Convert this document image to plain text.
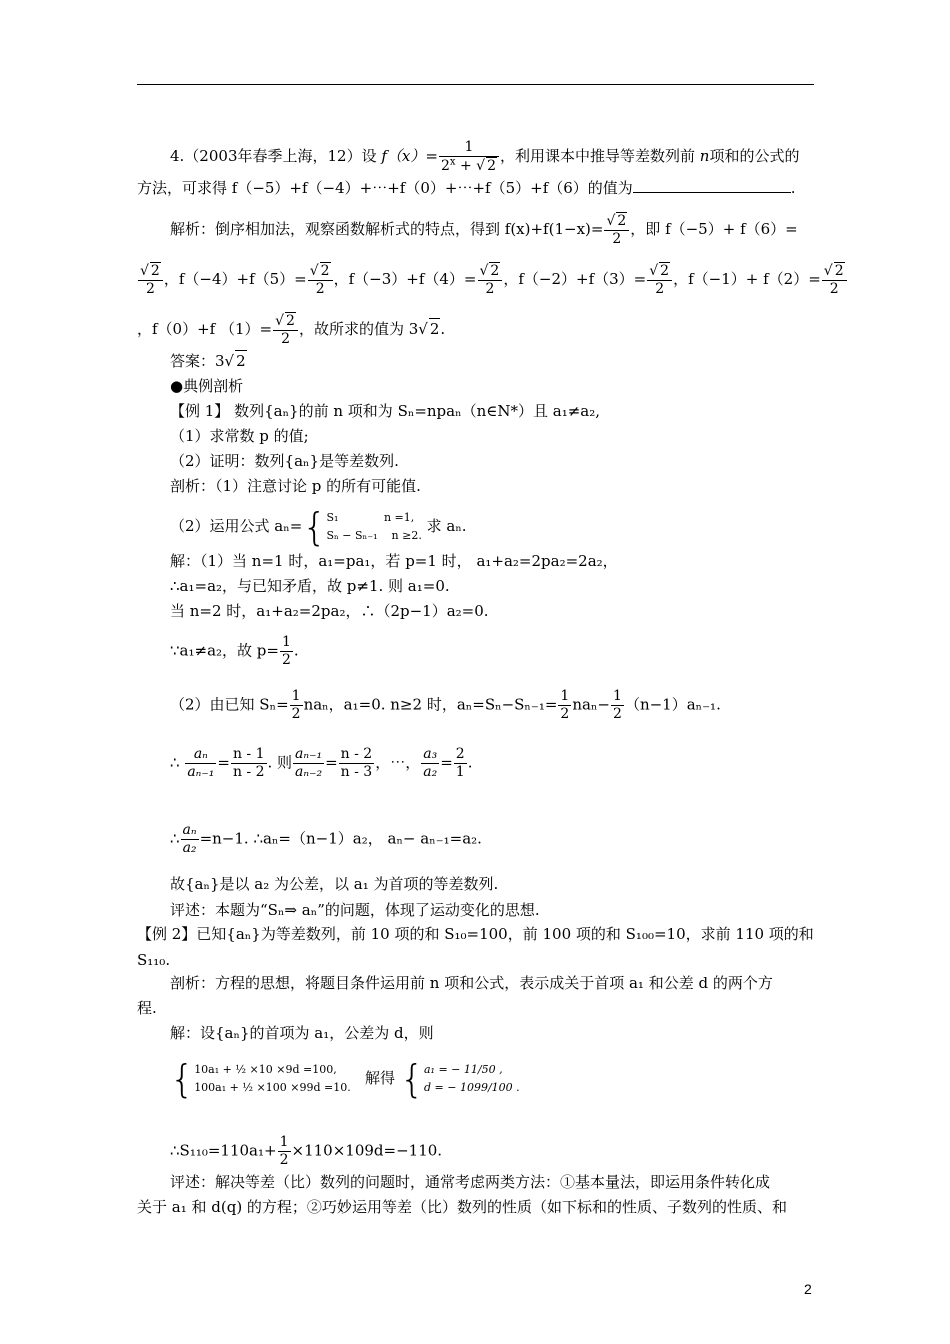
4.（2003年春季上海，12）设 $f(x)= \frac{1}{2^x + √ 2}$ ，利用课本中推导等差数列前 n项和的公式的
方法，可求得 f（−5）+f（−4）+⋯+f（0）+⋯+f（5）+f（6）的值为	.
解析：倒序相加法，观察函数解析式的特点，得到 $f(x)+f(1-x)= \frac{√ 2}{2}$ ，即 f（−5）+ f（6）=
$\frac{√ 2}{2}$ ，$f(-4)+f(5)= \frac{√ 2}{2}$ ，$f(-3)+f(4)= \frac{√ 2}{2}$ ，$f(-2)+f(3)= \frac{√ 2}{2}$ ，$f(-1)+ f(2)= \frac{√ 2}{2}$
，f（0）+f $(1)= \frac{√ 2}{2}$ ，故所求的值为 3√ 2.
答案：3√ 2
●典例剖析
【例 1】 数列{aₙ}的前 n 项和为 Sₙ=npaₙ（n∈N*）且 a₁≠a₂,
（1）求常数 p 的值;
（2）证明：数列{aₙ}是等差数列.
剖析：（1）注意讨论 p 的所有可能值.
（2）运用公式 aₙ={S₁	n =1,
Sₙ − Sₙ₋₁ n ≥2. 求 aₙ.
解：（1）当 n=1 时，a₁=pa₁，若 p=1 时， a₁+a₂=2pa₂=2a₂，
∴a₁=a₂，与已知矛盾，故 p≠1. 则 a₁=0.
当 n=2 时，a₁+a₂=2pa₂，∴（2p−1）a₂=0.
∵a₁≠a₂，故 $p= \frac{1}{2}$ .
（2）由已知 $S_n= \frac{1}{2}$ naₙ，a₁=0. n≥2 时，$a_n=S_n-S_{n-1}= \frac{1}{2} na_n- \frac{1}{2} (n-1)a_{n-1}$.
∴ $\frac{\text{aₙ}}{\text{aₙ₋₁}} = \frac{n - 1}{n - 2}$ . 则 $\frac{\text{aₙ₋₁}}{\text{aₙ₋₂}} = \frac{n - 2}{n - 3}$ ，⋯， $\frac{\text{a₃}}{\text{a₂}} = \frac{2}{1}$ .
∴ $\frac{\text{aₙ}}{\text{a₂}} =n-1$. ∴aₙ=（n−1）a₂， aₙ− aₙ₋₁=a₂.
故{aₙ}是以 a₂ 为公差，以 a₁ 为首项的等差数列.
评述：本题为“Sₙ⇒ aₙ”的问题，体现了运动变化的思想.
【例 2】已知{aₙ}为等差数列，前 10 项的和 S₁₀=100，前 100 项的和 S₁₀₀=10，求前 110 项的和
S₁₁₀.
剖析：方程的思想，将题目条件运用前 n 项和公式，表示成关于首项 a₁ 和公差 d 的两个方
程.
解：设{aₙ}的首项为 a₁，公差为 d，则
{10a₁ + ½ ×10 ×9d =100,
100a₁ + ½ ×100 ×99d =10.   解得 {a₁ = − 11/50 ,
d = − 1099/100 .
∴S₁₁₀=110a₁+ $\frac{1}{2} \times 110\times 109d=-110$.
评述：解决等差（比）数列的问题时，通常考虑两类方法：①基本量法，即运用条件转化成
关于 a₁ 和 d(q) 的方程；②巧妙运用等差（比）数列的性质（如下标和的性质、子数列的性质、和
2
